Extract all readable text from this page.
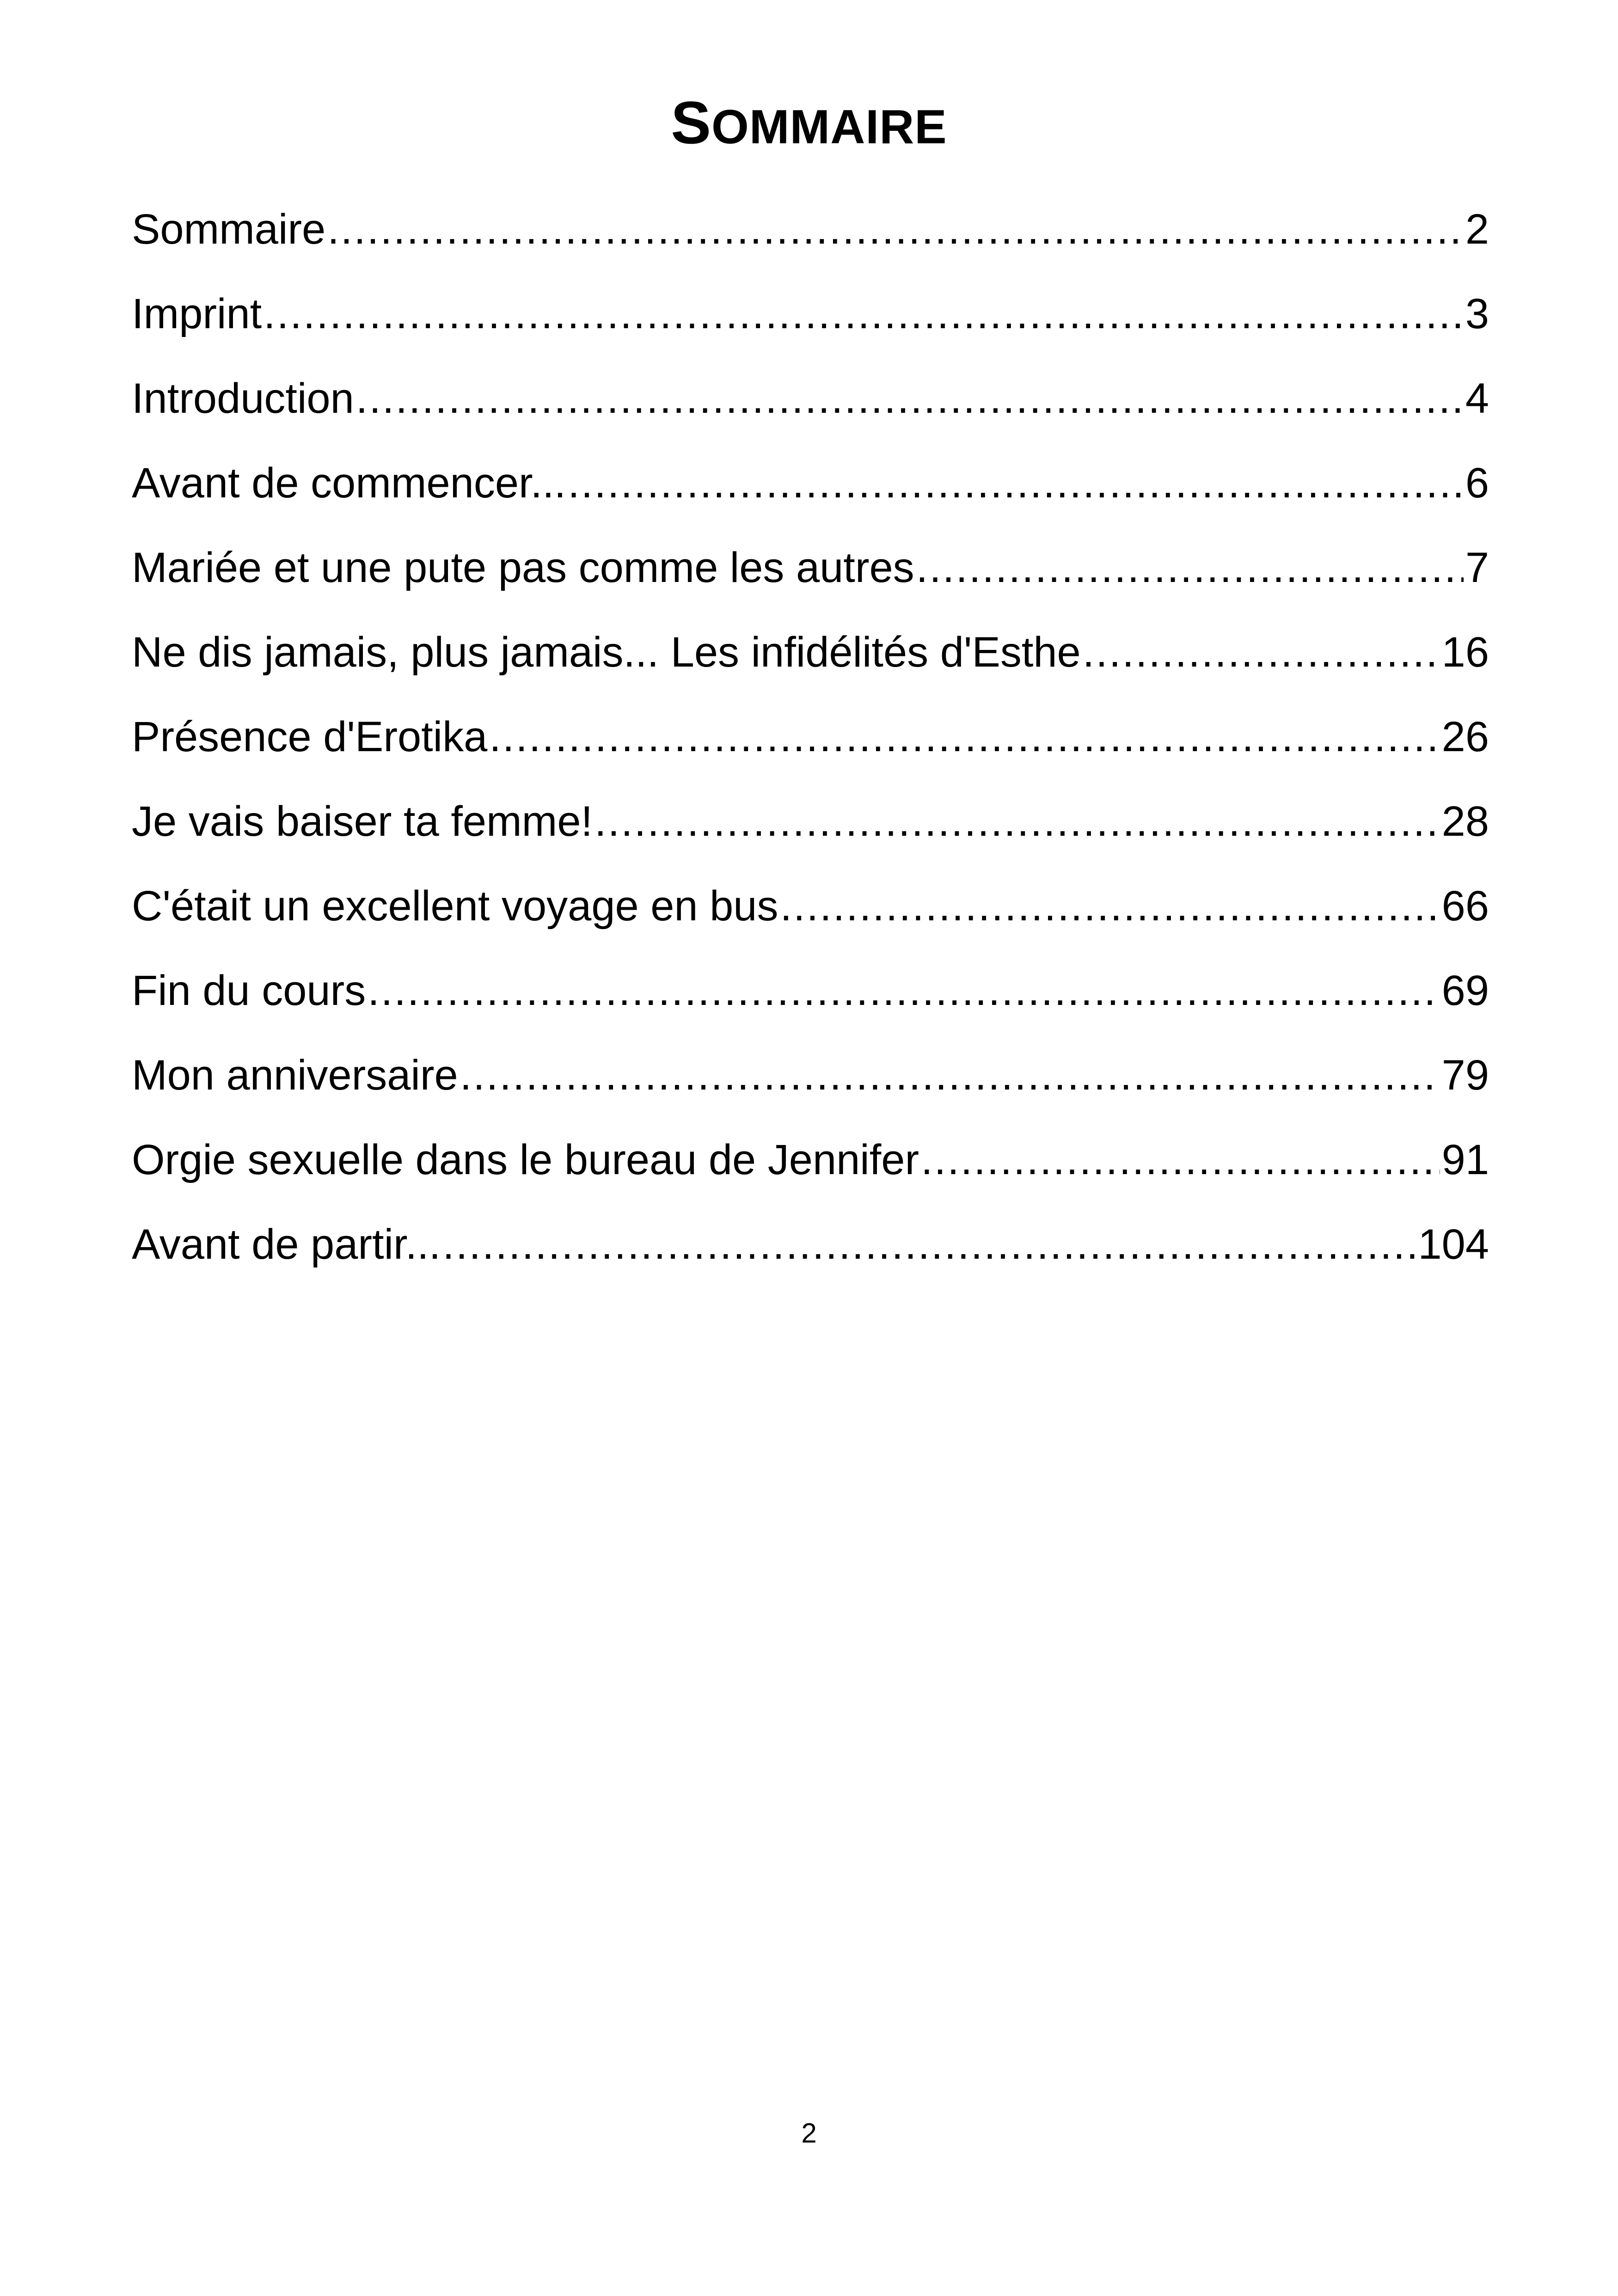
SOMMAIRE
Sommaire .....	2
Imprint .....	3
Introduction .....	4
Avant de commencer... .....	6
Mariée et une pute pas comme les autres .....	7
Ne dis jamais, plus jamais... Les infidélités d'Esthe .....	16
Présence d'Erotika .....	26
Je vais baiser ta femme! .....	28
C'était un excellent voyage en bus .....	66
Fin du cours .....	69
Mon anniversaire .....	79
Orgie sexuelle dans le bureau de Jennifer .....	91
Avant de partir... .....	104
2
